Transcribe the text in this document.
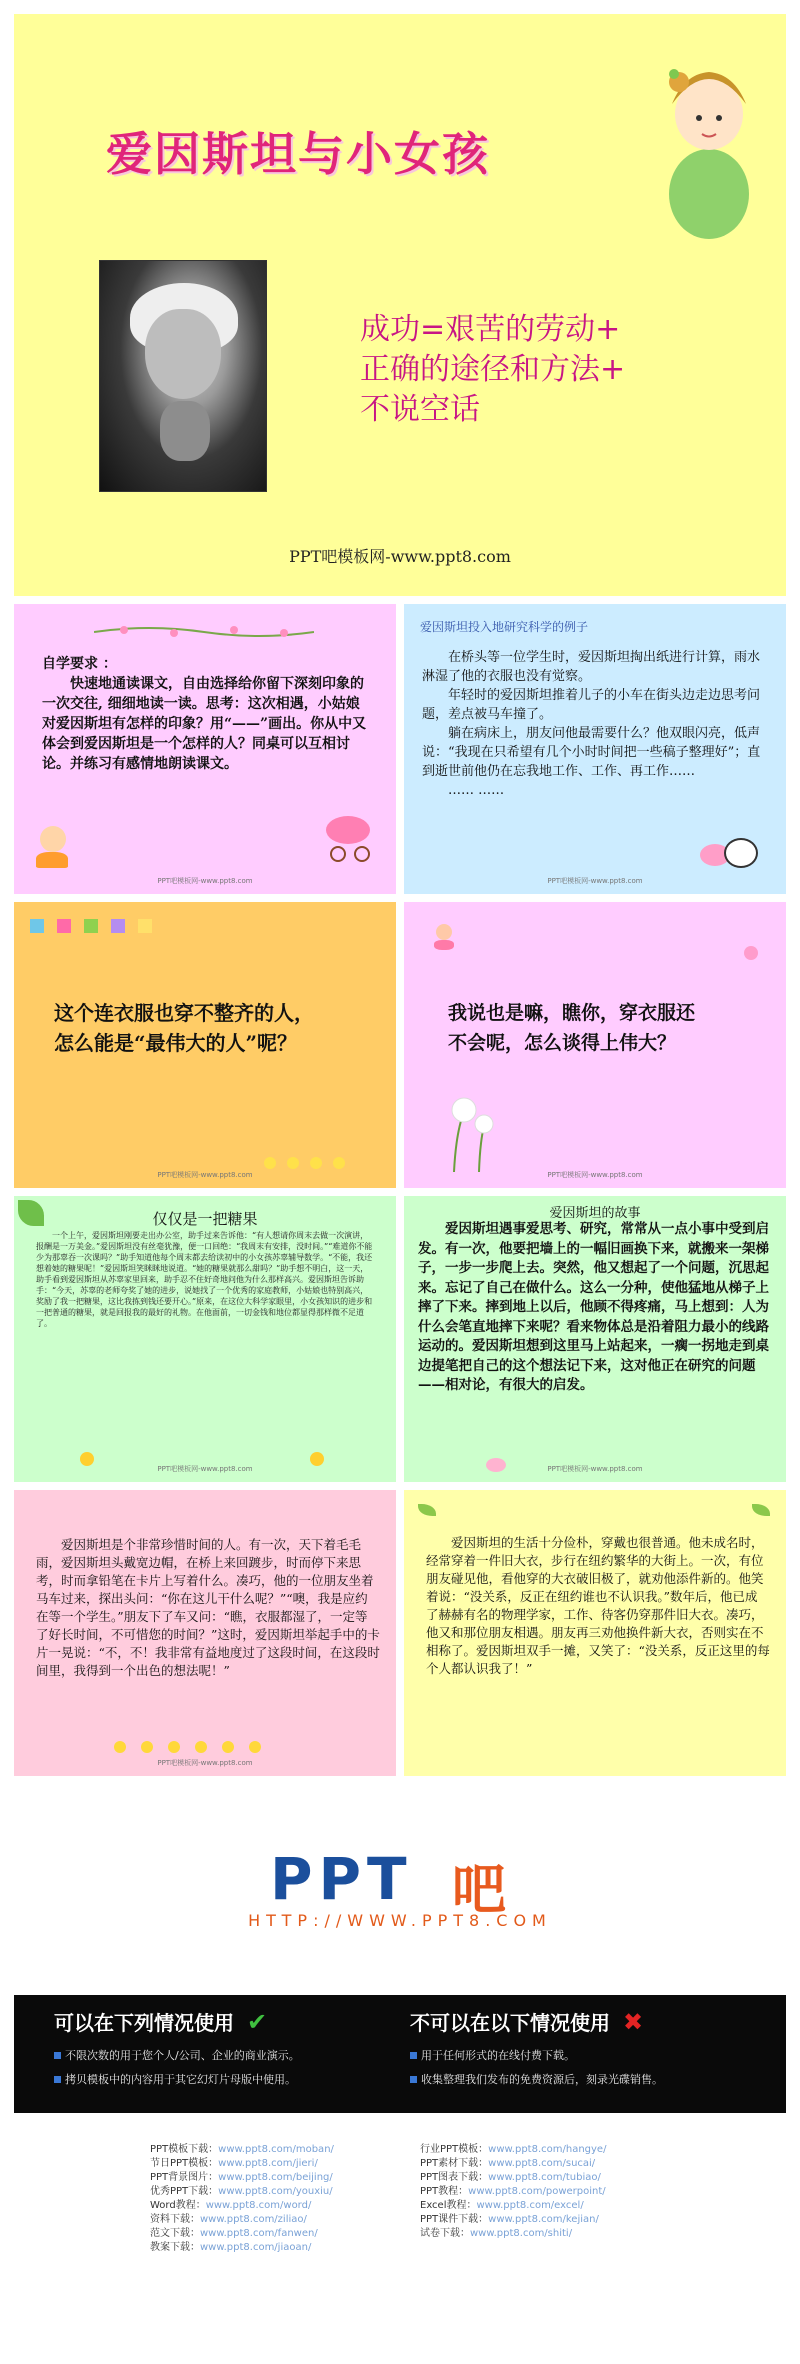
爱因斯坦与小女孩
成功=艰苦的劳动+
正确的途径和方法+
不说空话
PPT吧模板网-www.ppt8.com
自学要求 ：
　　快速地通读课文，自由选择给你留下深刻印象的一次交往, 细细地读一读。思考：这次相遇，小姑娘对爱因斯坦有怎样的印象？用“——”画出。你从中又体会到爱因斯坦是一个怎样的人？同桌可以互相讨论。并练习有感情地朗读课文。
PPT吧模板网-www.ppt8.com
爱因斯坦投入地研究科学的例子
　　在桥头等一位学生时，爱因斯坦掏出纸进行计算，雨水淋湿了他的衣服也没有觉察。
　　年轻时的爱因斯坦推着儿子的小车在街头边走边思考问题，差点被马车撞了。
　　躺在病床上，朋友问他最需要什么？他双眼闪亮，低声说：“我现在只希望有几个小时时间把一些稿子整理好”；直到逝世前他仍在忘我地工作、工作、再工作……
　　…… ……
PPT吧模板网-www.ppt8.com

这个连衣服也穿不整齐的人，
怎么能是“最伟大的人”呢？

PPT吧模板网-www.ppt8.com
我说也是嘛，瞧你，穿衣服还
不会呢，怎么谈得上伟大？
PPT吧模板网-www.ppt8.com
仅仅是一把糖果
　　一个上午，爱因斯坦刚要走出办公室，助手过来告诉他：“有人想请你周末去做一次演讲，报酬是一万美金。”爱因斯坦没有丝毫犹豫，便一口回绝：“我周末有安排，没时间。”“难道你不能少为那辜吞一次课吗？”助手知道他每个周末都去给读初中的小女孩苏辜辅导数学。“不能，我还想着她的糖果呢！”爱因斯坦笑眯眯地说道。“她的糖果就那么甜吗？”助手想不明白，这一天，助手看到爱因斯坦从苏辜家里回来，助手忍不住好奇地问他为什么那样高兴。爱因斯坦告诉助手：“今天，苏辜的老师夸奖了她的进步，说她找了一个优秀的家庭教师，小姑娘也特别高兴，奖励了我一把糖果，这比我拣到钱还要开心。”原来，在这位大科学家眼里，小女孩知识的进步和一把普通的糖果，就是回报我的最好的礼物。在他面前，一切金钱和地位都显得那样微不足道了。
PPT吧模板网-www.ppt8.com
爱因斯坦的故事
　　爱因斯坦遇事爱思考、研究，常常从一点小事中受到启发。有一次，他要把墙上的一幅旧画换下来，就搬来一架梯子，一步一步爬上去。突然，他又想起了一个问题，沉思起来。忘记了自己在做什么。这么一分种，使他猛地从梯子上摔了下来。摔到地上以后，他顾不得疼痛，马上想到：人为什么会笔直地摔下来呢？看来物体总是沿着阻力最小的线路运动的。爱因斯坦想到这里马上站起来，一瘸一拐地走到桌边提笔把自己的这个想法记下来，这对他正在研究的问题——相对论，有很大的启发。
PPT吧模板网-www.ppt8.com
　　爱因斯坦是个非常珍惜时间的人。有一次，天下着毛毛雨，爱因斯坦头戴宽边帽，在桥上来回踱步，时而停下来思考，时而拿铅笔在卡片上写着什么。凑巧，他的一位朋友坐着马车过来，探出头问：“你在这儿干什么呢？”“噢，我是应约在等一个学生。”朋友下了车又问：“瞧，衣服都湿了，一定等了好长时间，不可惜您的时间？”这时，爱因斯坦举起手中的卡片一晃说：“不，不！我非常有益地度过了这段时间，在这段时间里，我得到一个出色的想法呢！”

PPT吧模板网-www.ppt8.com
　　爱因斯坦的生活十分俭朴，穿戴也很普通。他未成名时，经常穿着一件旧大衣，步行在纽约繁华的大街上。一次，有位朋友碰见他，看他穿的大衣破旧极了，就劝他添件新的。他笑着说：“没关系，反正在纽约谁也不认识我。”数年后，他已成了赫赫有名的物理学家，工作、待客仍穿那件旧大衣。凑巧，他又和那位朋友相遇。朋友再三劝他换件新大衣，否则实在不相称了。爱因斯坦双手一摊，又笑了：“没关系，反正这里的每个人都认识我了！”
PPT 吧
HTTP://WWW.PPT8.COM
可以在下列情况使用 ✔
不限次数的用于您个人/公司、企业的商业演示。
拷贝模板中的内容用于其它幻灯片母版中使用。
不可以在以下情况使用 ✖
用于任何形式的在线付费下载。
收集整理我们发布的免费资源后，刻录光碟销售。
PPT模板下载：www.ppt8.com/moban/
节日PPT模板：www.ppt8.com/jieri/
PPT背景图片：www.ppt8.com/beijing/
优秀PPT下载：www.ppt8.com/youxiu/
Word教程：www.ppt8.com/word/
资料下载：www.ppt8.com/ziliao/
范文下载：www.ppt8.com/fanwen/
教案下载：www.ppt8.com/jiaoan/
行业PPT模板：www.ppt8.com/hangye/
PPT素材下载：www.ppt8.com/sucai/
PPT图表下载：www.ppt8.com/tubiao/
PPT教程：www.ppt8.com/powerpoint/
Excel教程：www.ppt8.com/excel/
PPT课件下载：www.ppt8.com/kejian/
试卷下载：www.ppt8.com/shiti/
